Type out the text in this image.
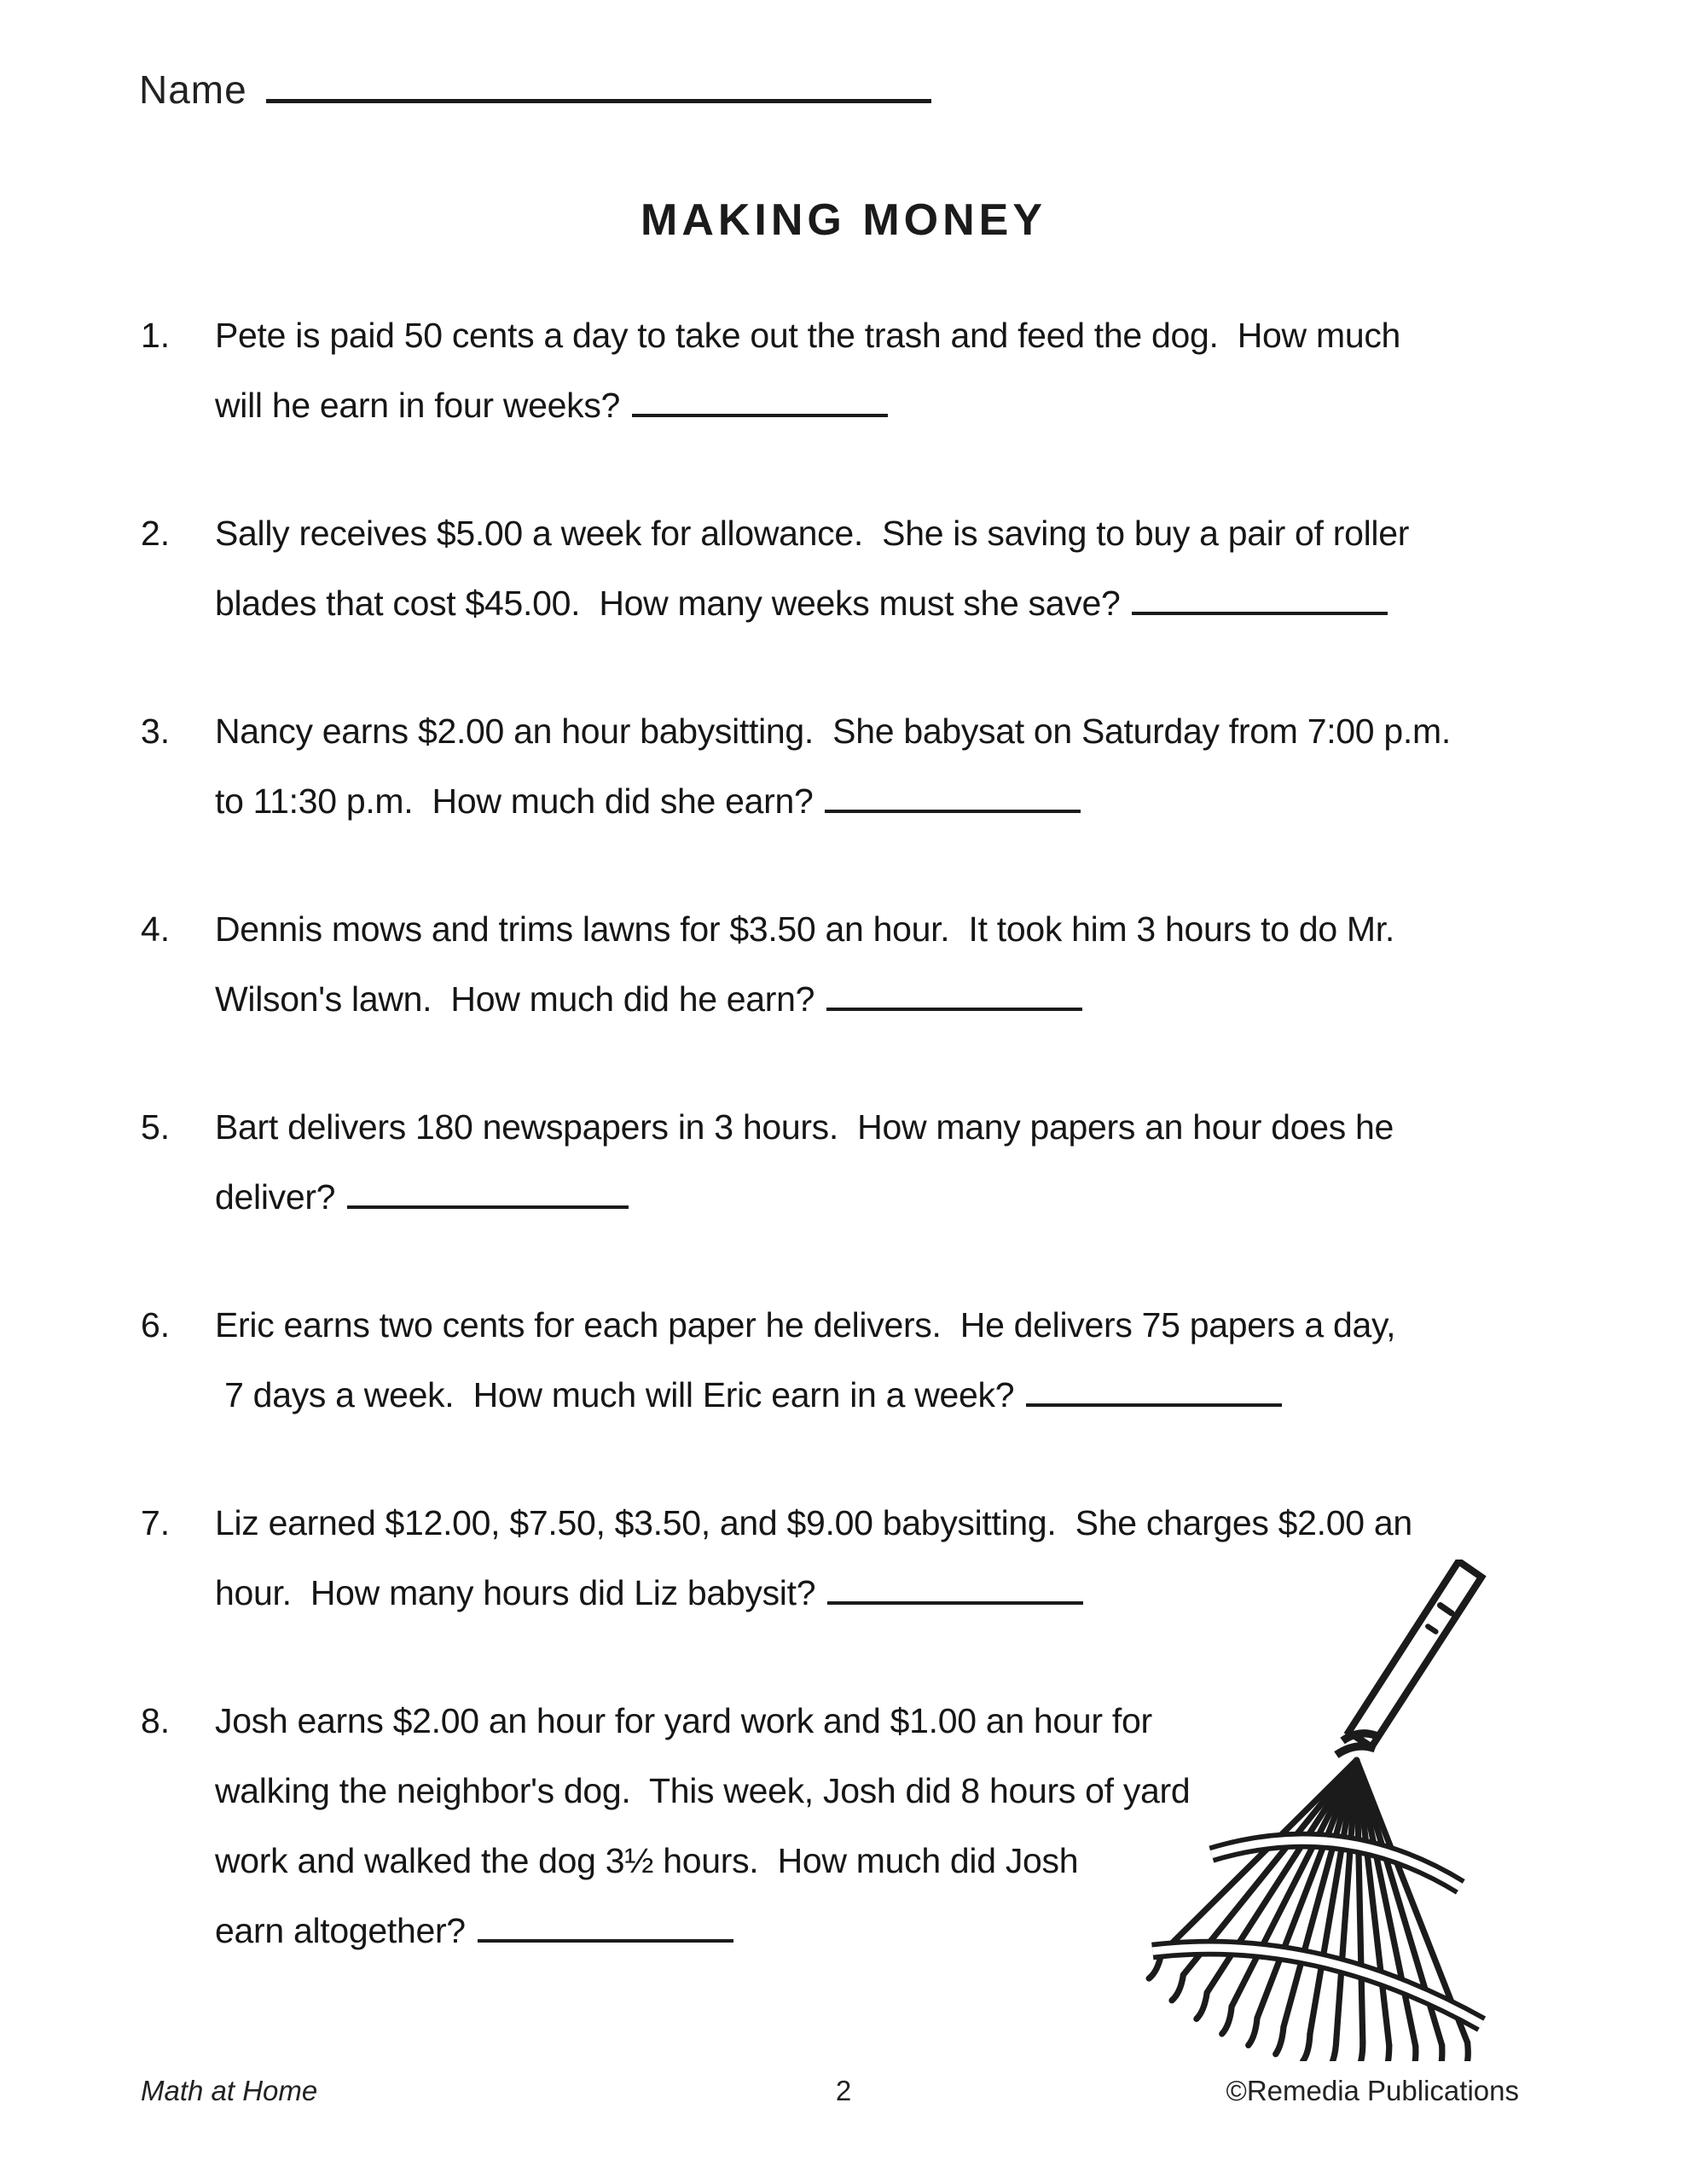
Name
MAKING MONEY
1.	Pete is paid 50 cents a day to take out the trash and feed the dog.  How much
will he earn in four weeks?
2.	Sally receives $5.00 a week for allowance.  She is saving to buy a pair of roller
blades that cost $45.00.  How many weeks must she save?
3.	Nancy earns $2.00 an hour babysitting.  She babysat on Saturday from 7:00 p.m.
to 11:30 p.m.  How much did she earn?
4.	Dennis mows and trims lawns for $3.50 an hour.  It took him 3 hours to do Mr.
Wilson's lawn.  How much did he earn?
5.	Bart delivers 180 newspapers in 3 hours.  How many papers an hour does he
deliver?
6.	Eric earns two cents for each paper he delivers.  He delivers 75 papers a day,
7 days a week.  How much will Eric earn in a week?
7.	Liz earned $12.00, $7.50, $3.50, and $9.00 babysitting.  She charges $2.00 an
hour.  How many hours did Liz babysit?
8.	Josh earns $2.00 an hour for yard work and $1.00 an hour for
walking the neighbor's dog.  This week, Josh did 8 hours of yard
work and walked the dog 3½ hours.  How much did Josh
earn altogether?
Math at Home	2	©Remedia Publications
